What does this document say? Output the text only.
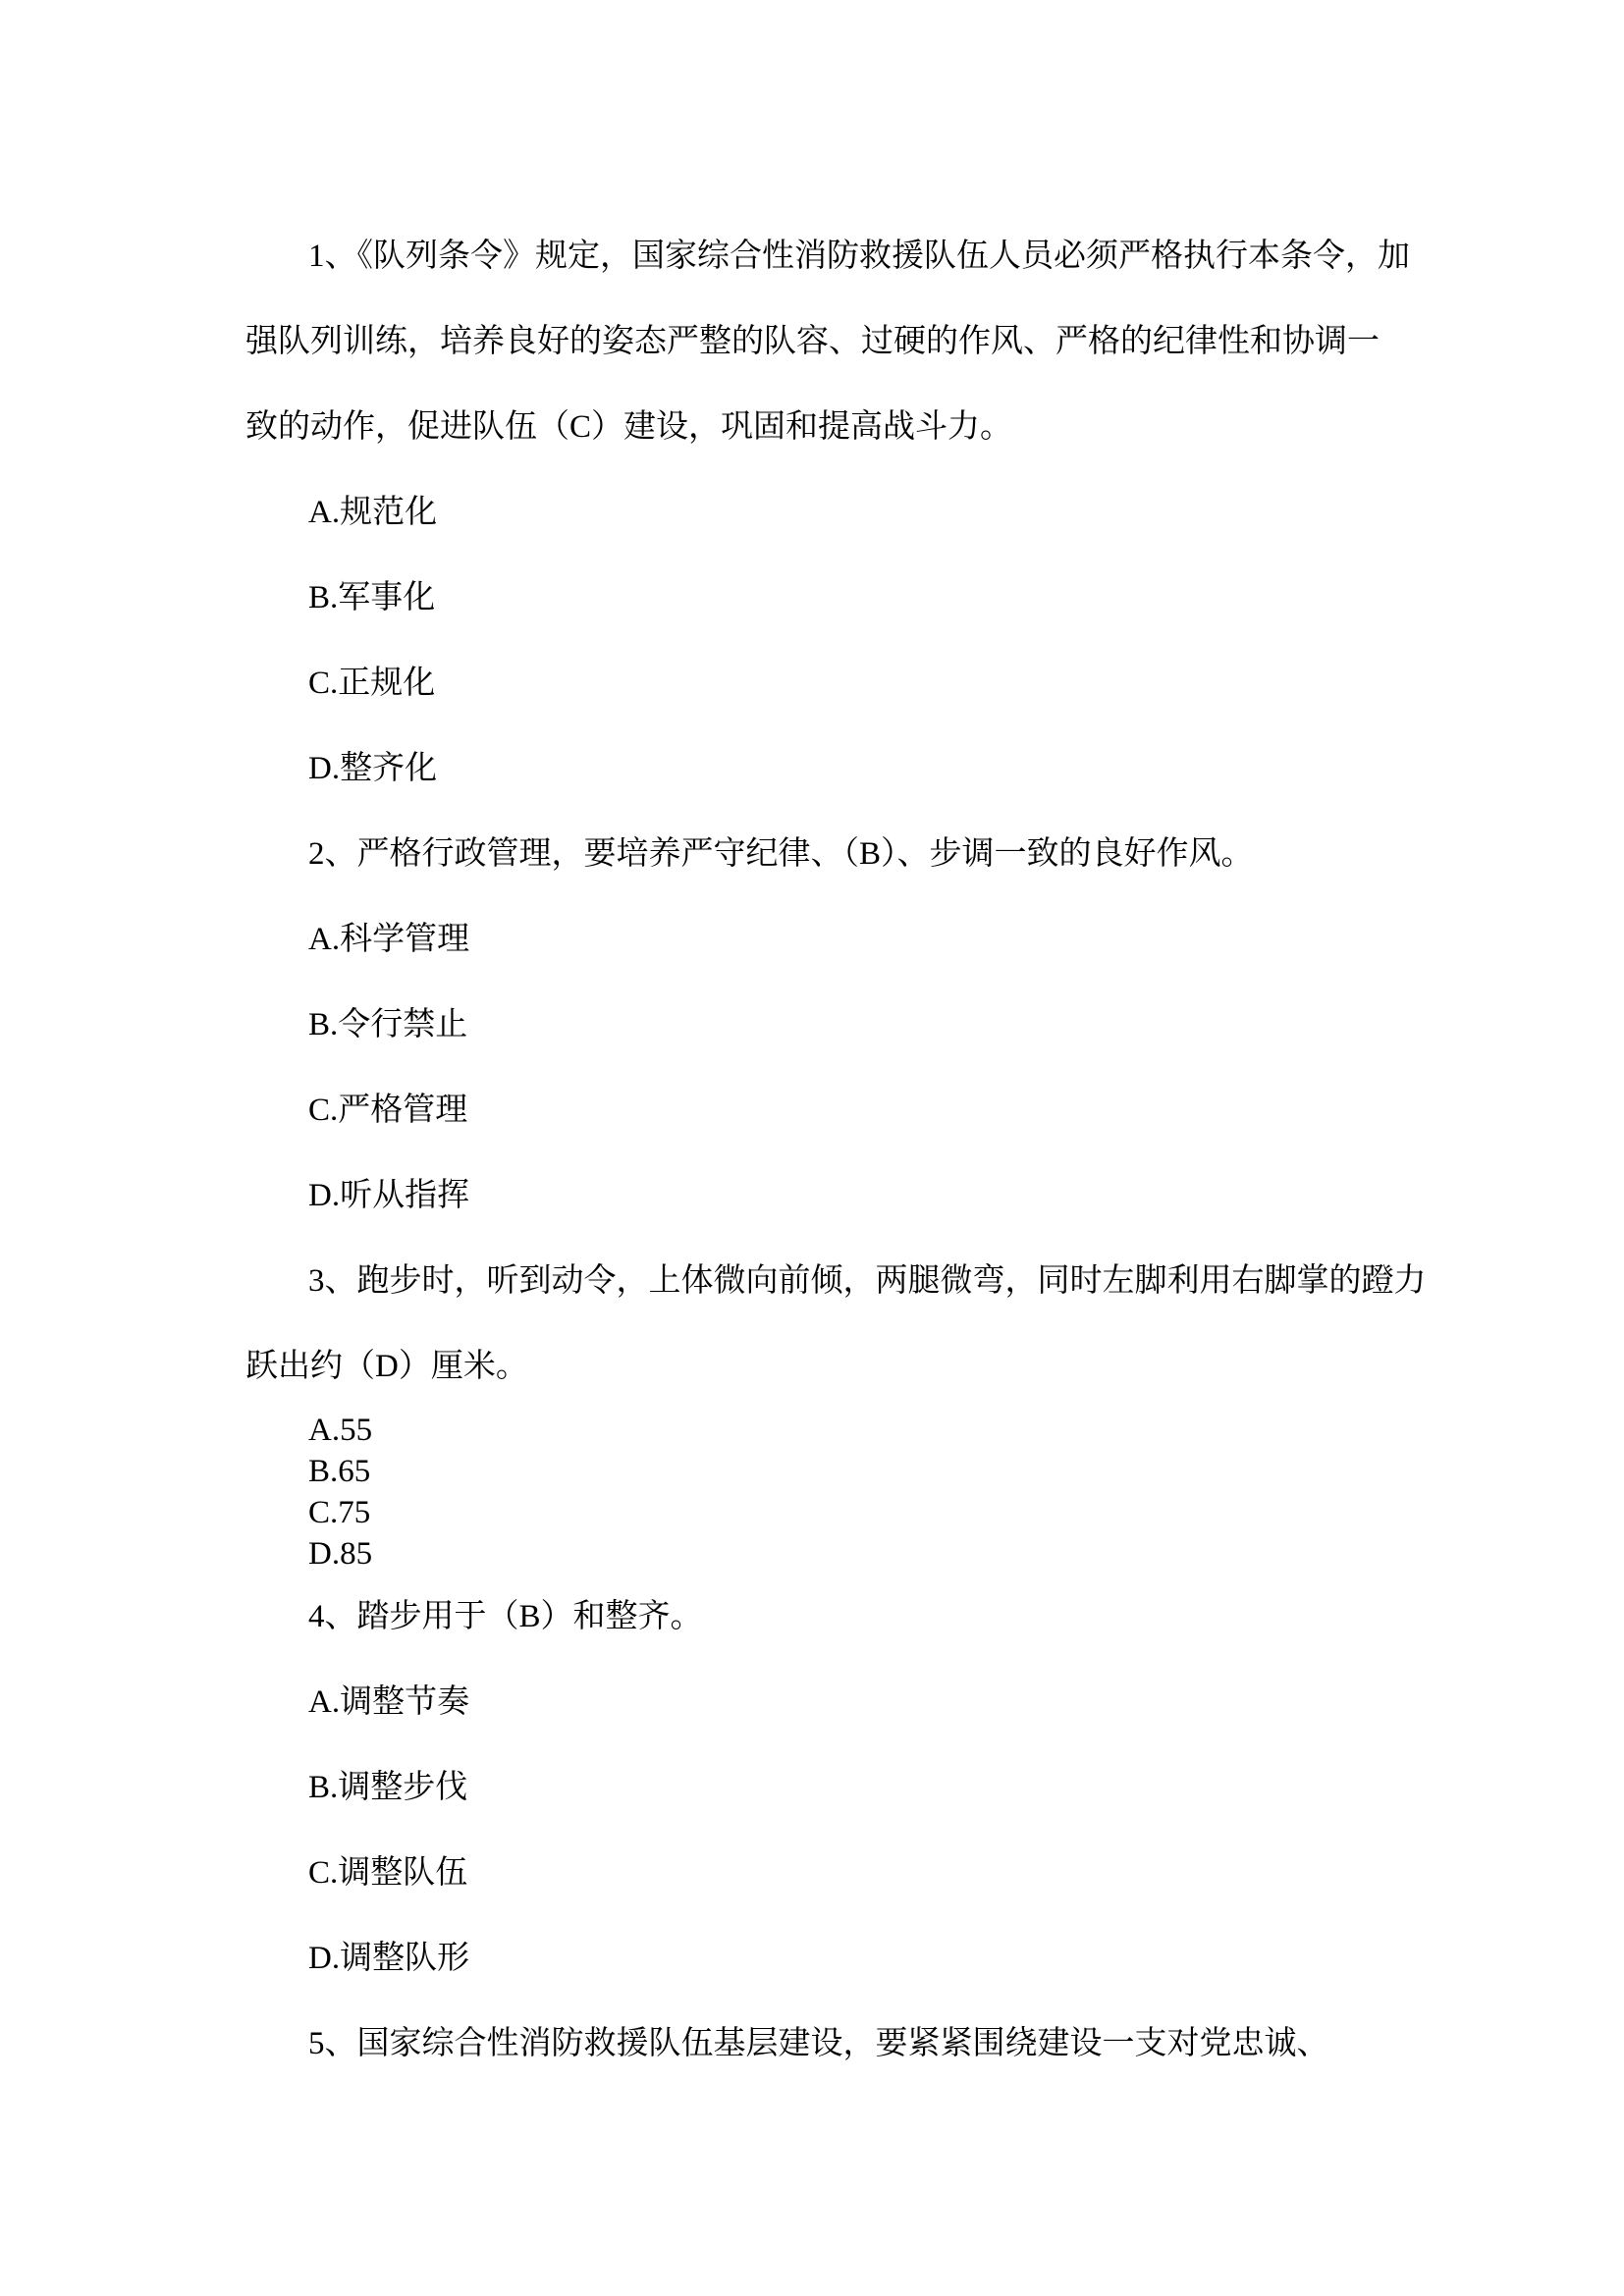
1、《队列条令》规定，国家综合性消防救援队伍人员必须严格执行本条令，加

强队列训练，培养良好的姿态严整的队容、过硬的作风、严格的纪律性和协调一

致的动作，促进队伍（C）建设，巩固和提高战斗力。

A.规范化

B.军事化

C.正规化

D.整齐化

2、严格行政管理，要培养严守纪律、（B）、步调一致的良好作风。

A.科学管理

B.令行禁止

C.严格管理

D.听从指挥

3、跑步时，听到动令，上体微向前倾，两腿微弯，同时左脚利用右脚掌的蹬力

跃出约（D）厘米。

A.55

B.65

C.75

D.85

4、踏步用于（B）和整齐。

A.调整节奏

B.调整步伐

C.调整队伍

D.调整队形

5、国家综合性消防救援队伍基层建设，要紧紧围绕建设一支对党忠诚、
